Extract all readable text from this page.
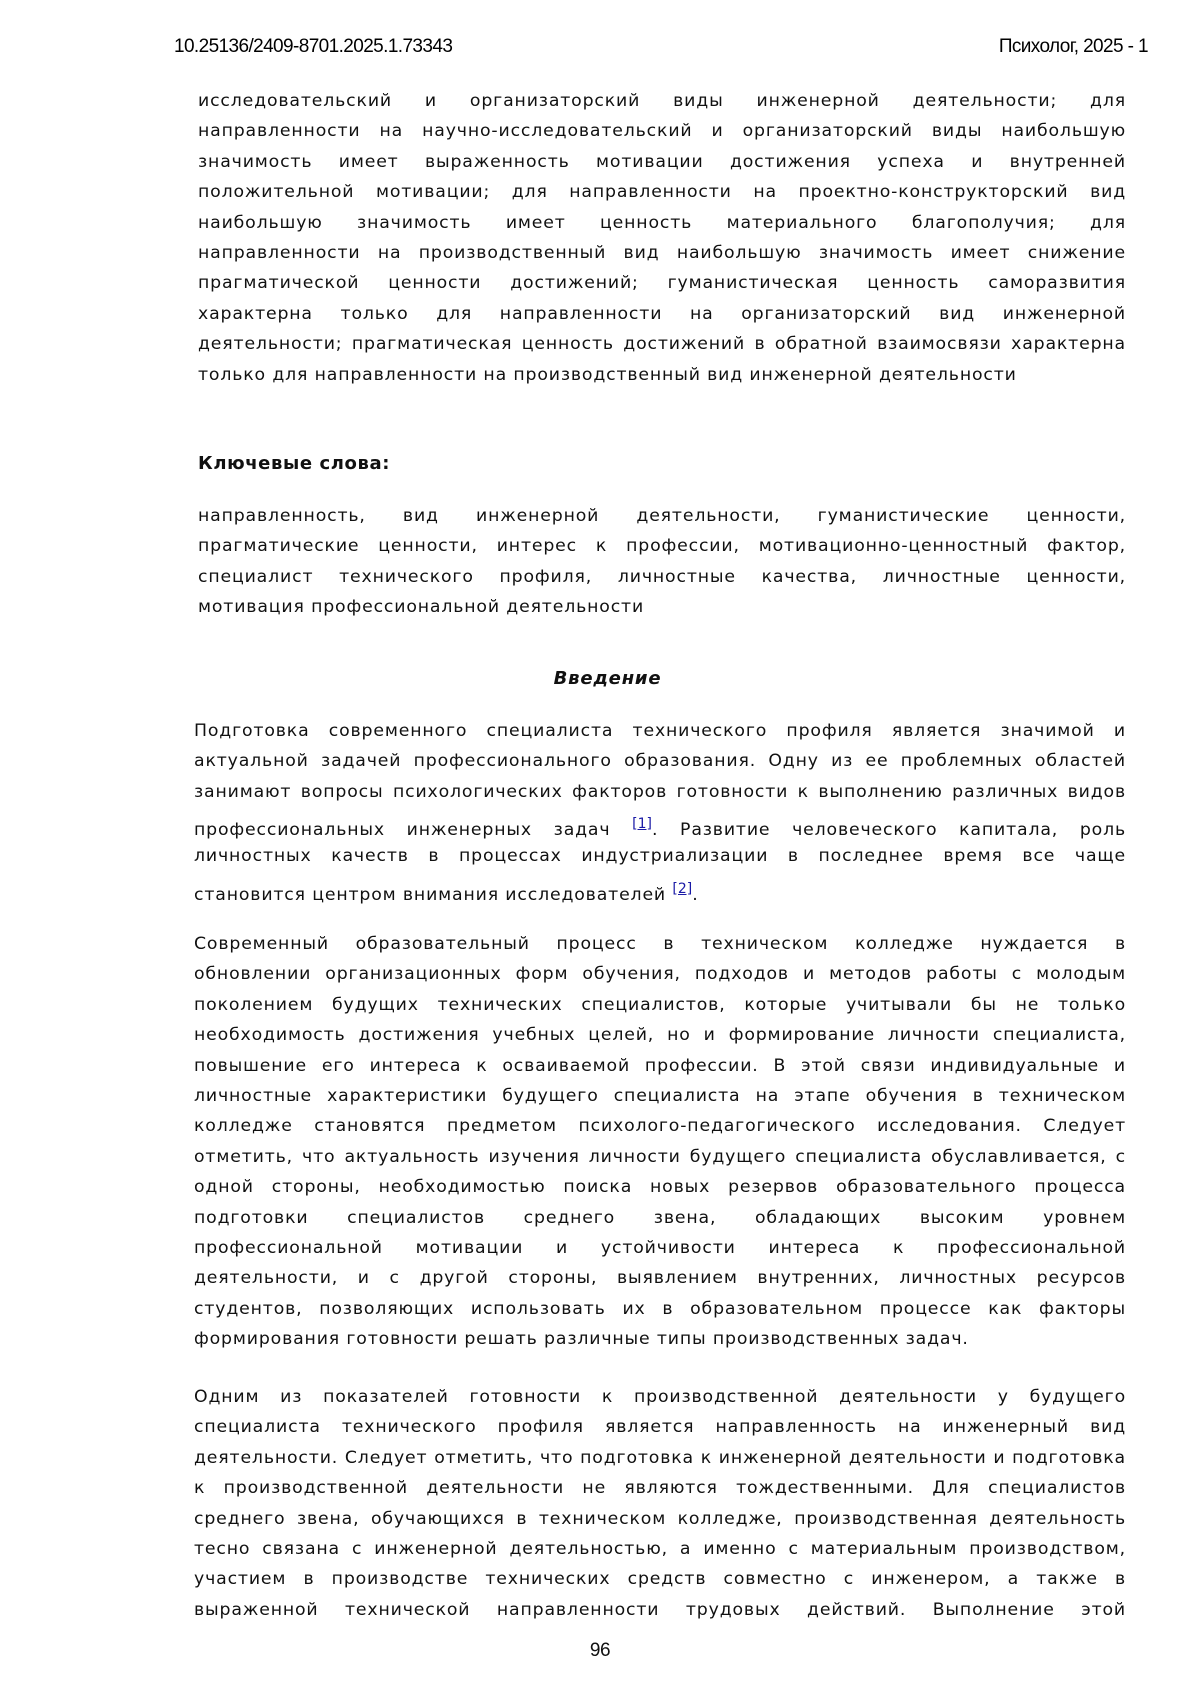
10.25136/2409-8701.2025.1.73343	Психолог, 2025 - 1
исследовательский и организаторский виды инженерной деятельности; для
направленности на научно-исследовательский и организаторский виды наибольшую
значимость имеет выраженность мотивации достижения успеха и внутренней
положительной мотивации; для направленности на проектно-конструкторский вид
наибольшую значимость имеет ценность материального благополучия; для
направленности на производственный вид наибольшую значимость имеет снижение
прагматической ценности достижений; гуманистическая ценность саморазвития
характерна только для направленности на организаторский вид инженерной
деятельности; прагматическая ценность достижений в обратной взаимосвязи характерна
только для направленности на производственный вид инженерной деятельности
Ключевые слова:
направленность, вид инженерной деятельности, гуманистические ценности,
прагматические ценности, интерес к профессии, мотивационно-ценностный фактор,
специалист технического профиля, личностные качества, личностные ценности,
мотивация профессиональной деятельности
Введение
Подготовка современного специалиста технического профиля является значимой и
актуальной задачей профессионального образования. Одну из ее проблемных областей
занимают вопросы психологических факторов готовности к выполнению различных видов
профессиональных инженерных задач [1]. Развитие человеческого капитала, роль
личностных качеств в процессах индустриализации в последнее время все чаще
становится центром внимания исследователей [2].
Современный образовательный процесс в техническом колледже нуждается в
обновлении организационных форм обучения, подходов и методов работы с молодым
поколением будущих технических специалистов, которые учитывали бы не только
необходимость достижения учебных целей, но и формирование личности специалиста,
повышение его интереса к осваиваемой профессии. В этой связи индивидуальные и
личностные характеристики будущего специалиста на этапе обучения в техническом
колледже становятся предметом психолого-педагогического исследования. Следует
отметить, что актуальность изучения личности будущего специалиста обуславливается, с
одной стороны, необходимостью поиска новых резервов образовательного процесса
подготовки специалистов среднего звена, обладающих высоким уровнем
профессиональной мотивации и устойчивости интереса к профессиональной
деятельности, и с другой стороны, выявлением внутренних, личностных ресурсов
студентов, позволяющих использовать их в образовательном процессе как факторы
формирования готовности решать различные типы производственных задач.
Одним из показателей готовности к производственной деятельности у будущего
специалиста технического профиля является направленность на инженерный вид
деятельности. Следует отметить, что подготовка к инженерной деятельности и подготовка
к производственной деятельности не являются тождественными. Для специалистов
среднего звена, обучающихся в техническом колледже, производственная деятельность
тесно связана с инженерной деятельностью, а именно с материальным производством,
участием в производстве технических средств совместно с инженером, а также в
выраженной технической направленности трудовых действий. Выполнение этой
96
